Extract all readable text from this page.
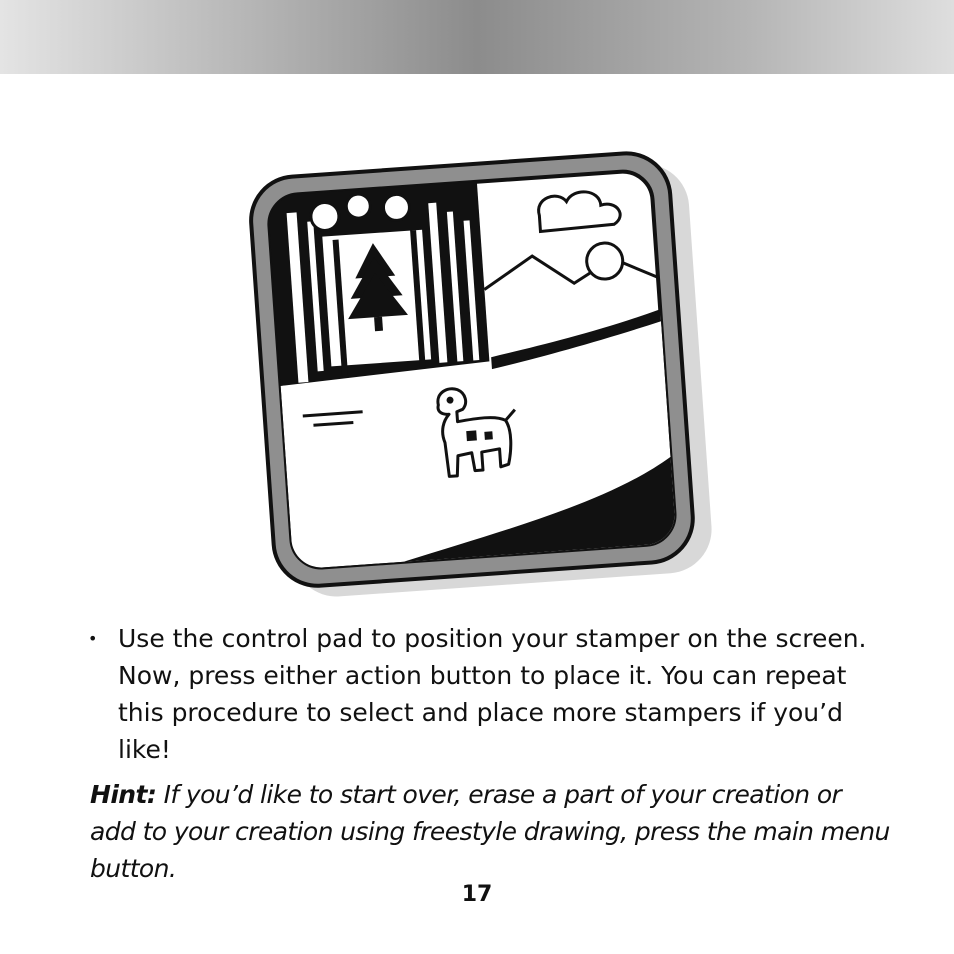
• Use the control pad to position your stamper on the screen. Now, press either action button to place it. You can repeat this procedure to select and place more stampers if you’d like!
Hint: If you’d like to start over, erase a part of your creation or add to your creation using freestyle drawing, press the main menu button.
17
